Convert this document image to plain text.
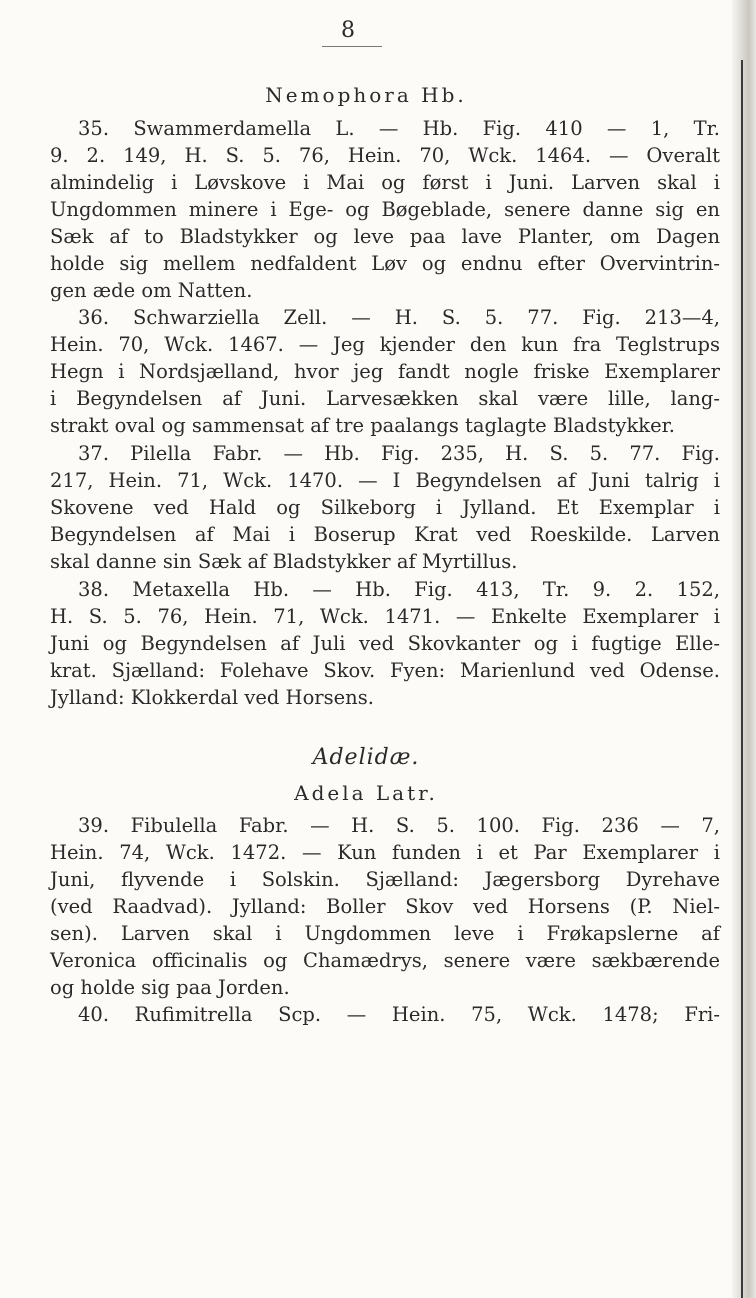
8
Nemophora Hb.
35. Swammerdamella L. — Hb. Fig. 410 — 1, Tr.
9. 2. 149, H. S. 5. 76, Hein. 70, Wck. 1464. — Overalt
almindelig i Løvskove i Mai og først i Juni. Larven skal i
Ungdommen minere i Ege- og Bøgeblade, senere danne sig en
Sæk af to Bladstykker og leve paa lave Planter, om Dagen
holde sig mellem nedfaldent Løv og endnu efter Overvintrin-
gen æde om Natten.
36. Schwarziella Zell. — H. S. 5. 77. Fig. 213—4,
Hein. 70, Wck. 1467. — Jeg kjender den kun fra Teglstrups
Hegn i Nordsjælland, hvor jeg fandt nogle friske Exemplarer
i Begyndelsen af Juni. Larvesækken skal være lille, lang-
strakt oval og sammensat af tre paalangs taglagte Bladstykker.
37. Pilella Fabr. — Hb. Fig. 235, H. S. 5. 77. Fig.
217, Hein. 71, Wck. 1470. — I Begyndelsen af Juni talrig i
Skovene ved Hald og Silkeborg i Jylland. Et Exemplar i
Begyndelsen af Mai i Boserup Krat ved Roeskilde. Larven
skal danne sin Sæk af Bladstykker af Myrtillus.
38. Metaxella Hb. — Hb. Fig. 413, Tr. 9. 2. 152,
H. S. 5. 76, Hein. 71, Wck. 1471. — Enkelte Exemplarer i
Juni og Begyndelsen af Juli ved Skovkanter og i fugtige Elle-
krat. Sjælland: Folehave Skov. Fyen: Marienlund ved Odense.
Jylland: Klokkerdal ved Horsens.
Adelidæ.
Adela Latr.
39. Fibulella Fabr. — H. S. 5. 100. Fig. 236 — 7,
Hein. 74, Wck. 1472. — Kun funden i et Par Exemplarer i
Juni, flyvende i Solskin. Sjælland: Jægersborg Dyrehave
(ved Raadvad). Jylland: Boller Skov ved Horsens (P. Niel-
sen). Larven skal i Ungdommen leve i Frøkapslerne af
Veronica officinalis og Chamædrys, senere være sækbærende
og holde sig paa Jorden.
40. Rufimitrella Scp. — Hein. 75, Wck. 1478; Fri-
